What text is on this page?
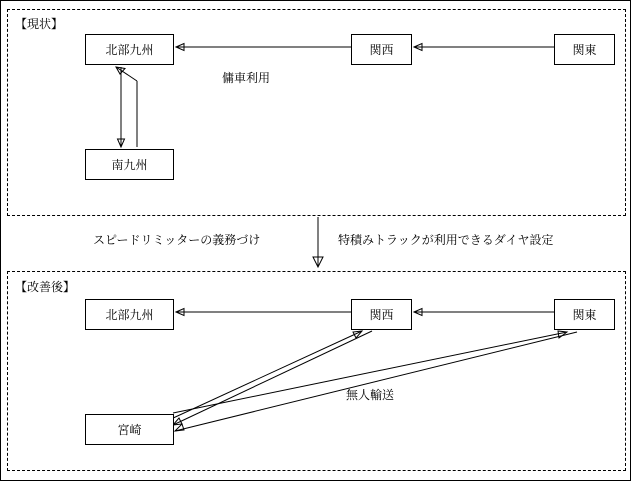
【現状】
北部九州	関西	関東
南九州
傭車利用
スピードリミッターの義務づけ	特積みトラックが利用できるダイヤ設定
【改善後】
北部九州	関西	関東
宮崎
無人輸送
